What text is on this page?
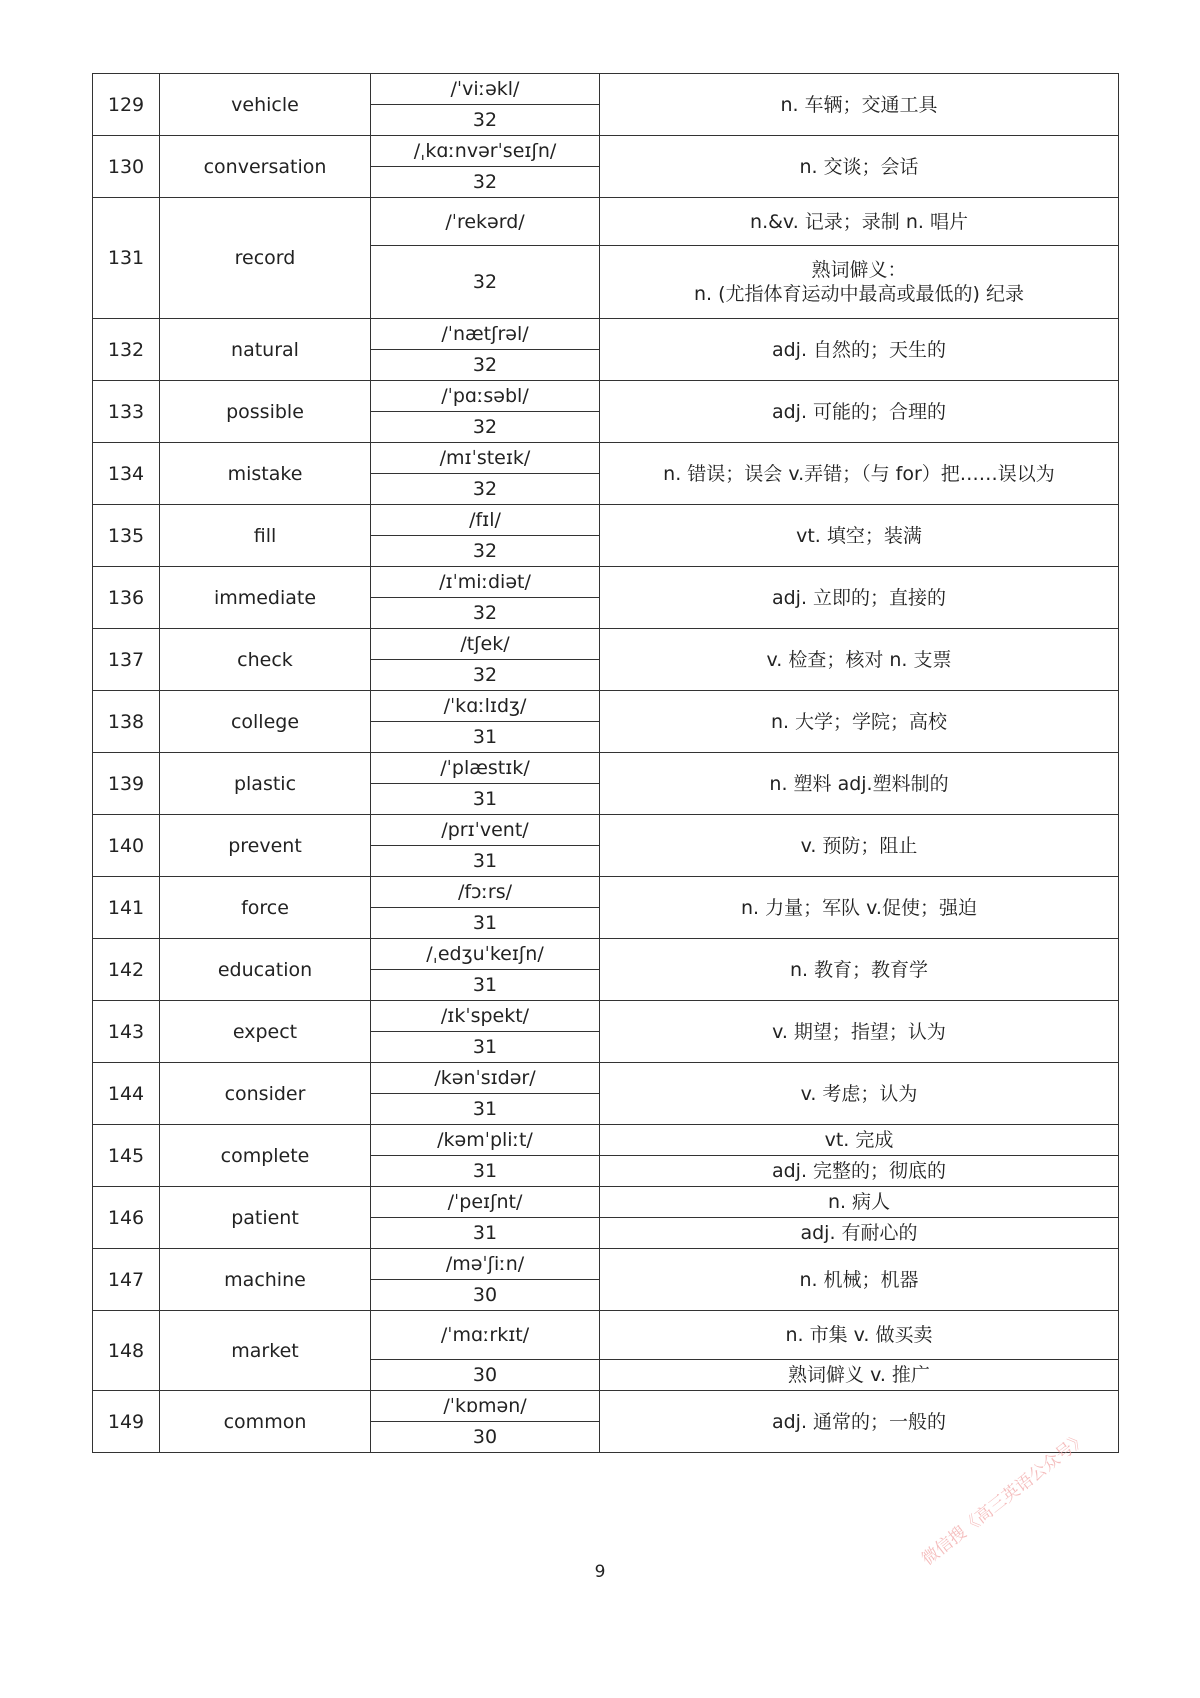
129	vehicle	/ˈviːəkl/	n. 车辆；交通工具
		32	
130	conversation	/ˌkɑːnvərˈseɪʃn/	n. 交谈；会话
		32	
131	record	/ˈrekərd/	n.&v. 记录；录制 n. 唱片
		32	熟词僻义：
n. (尤指体育运动中最高或最低的) 纪录
132	natural	/ˈnætʃrəl/	adj. 自然的；天生的
		32	
133	possible	/ˈpɑːsəbl/	adj. 可能的；合理的
		32	
134	mistake	/mɪˈsteɪk/	n. 错误；误会 v.弄错；（与 for）把……误以为
		32	
135	fill	/fɪl/	vt. 填空；装满
		32	
136	immediate	/ɪˈmiːdiət/	adj. 立即的；直接的
		32	
137	check	/tʃek/	v. 检查；核对 n. 支票
		32	
138	college	/ˈkɑːlɪdʒ/	n. 大学；学院；高校
		31	
139	plastic	/ˈplæstɪk/	n. 塑料 adj.塑料制的
		31	
140	prevent	/prɪˈvent/	v. 预防；阻止
		31	
141	force	/fɔːrs/	n. 力量；军队 v.促使；强迫
		31	
142	education	/ˌedʒuˈkeɪʃn/	n. 教育；教育学
		31	
143	expect	/ɪkˈspekt/	v. 期望；指望；认为
		31	
144	consider	/kənˈsɪdər/	v. 考虑；认为
		31	
145	complete	/kəmˈpliːt/	vt. 完成
		31	adj. 完整的；彻底的
146	patient	/ˈpeɪʃnt/	n. 病人
		31	adj. 有耐心的
147	machine	/məˈʃiːn/	n. 机械；机器
		30	
148	market	/ˈmɑːrkɪt/	n. 市集 v. 做买卖
		30	熟词僻义 v. 推广
149	common	/ˈkɒmən/	adj. 通常的；一般的
		30	
9
微信搜《高三英语公众号》
